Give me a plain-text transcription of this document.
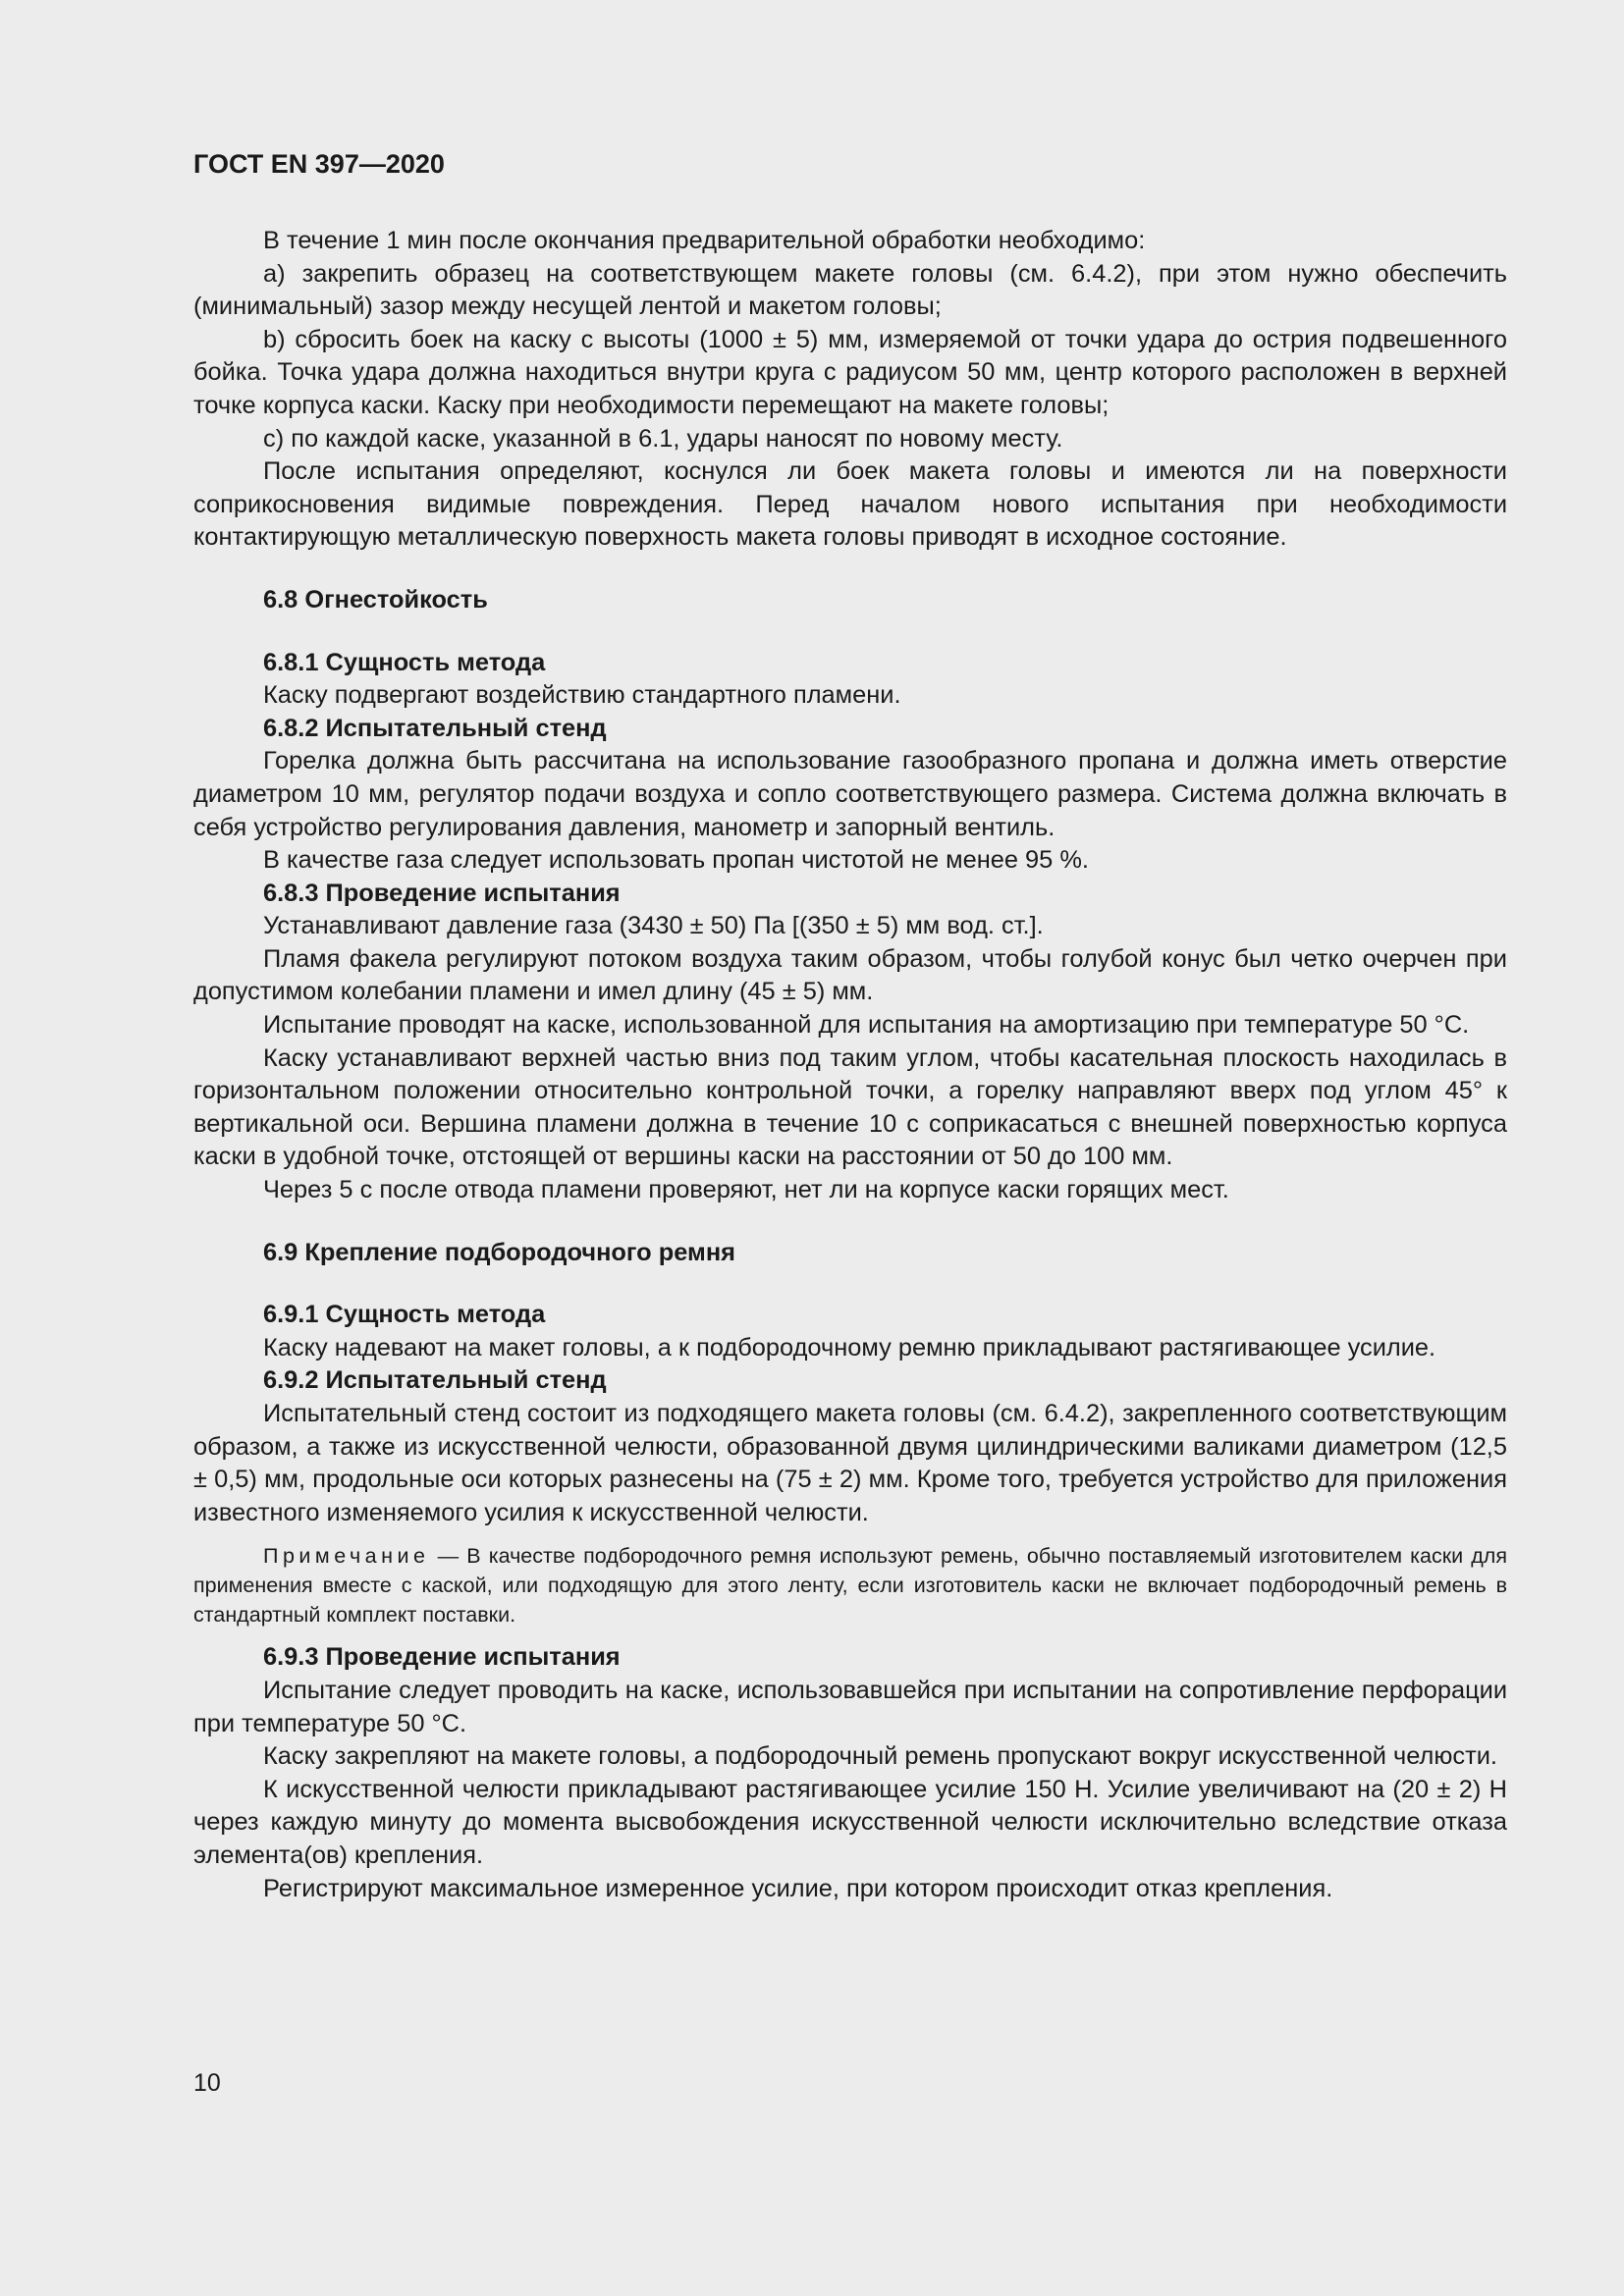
ГОСТ EN 397—2020

В течение 1 мин после окончания предварительной обработки необходимо:

a) закрепить образец на соответствующем макете головы (см. 6.4.2), при этом нужно обеспечить (минимальный) зазор между несущей лентой и макетом головы;

b) сбросить боек на каску с высоты (1000 ± 5) мм, измеряемой от точки удара до острия подвешенного бойка. Точка удара должна находиться внутри круга с радиусом 50 мм, центр которого расположен в верхней точке корпуса каски. Каску при необходимости перемещают на макете головы;

c) по каждой каске, указанной в 6.1, удары наносят по новому месту.

После испытания определяют, коснулся ли боек макета головы и имеются ли на поверхности соприкосновения видимые повреждения. Перед началом нового испытания при необходимости контактирующую металлическую поверхность макета головы приводят в исходное состояние.

6.8 Огнестойкость
6.8.1 Сущность метода

Каску подвергают воздействию стандартного пламени.

6.8.2 Испытательный стенд

Горелка должна быть рассчитана на использование газообразного пропана и должна иметь отверстие диаметром 10 мм, регулятор подачи воздуха и сопло соответствующего размера. Система должна включать в себя устройство регулирования давления, манометр и запорный вентиль.

В качестве газа следует использовать пропан чистотой не менее 95 %.

6.8.3 Проведение испытания

Устанавливают давление газа (3430 ± 50) Па [(350 ± 5) мм вод. ст.].

Пламя факела регулируют потоком воздуха таким образом, чтобы голубой конус был четко очерчен при допустимом колебании пламени и имел длину (45 ± 5) мм.

Испытание проводят на каске, использованной для испытания на амортизацию при температуре 50 °C.

Каску устанавливают верхней частью вниз под таким углом, чтобы касательная плоскость находилась в горизонтальном положении относительно контрольной точки, а горелку направляют вверх под углом 45° к вертикальной оси. Вершина пламени должна в течение 10 с соприкасаться с внешней поверхностью корпуса каски в удобной точке, отстоящей от вершины каски на расстоянии от 50 до 100 мм.

Через 5 с после отвода пламени проверяют, нет ли на корпусе каски горящих мест.

6.9 Крепление подбородочного ремня
6.9.1 Сущность метода

Каску надевают на макет головы, а к подбородочному ремню прикладывают растягивающее усилие.

6.9.2 Испытательный стенд

Испытательный стенд состоит из подходящего макета головы (см. 6.4.2), закрепленного соответствующим образом, а также из искусственной челюсти, образованной двумя цилиндрическими валиками диаметром (12,5 ± 0,5) мм, продольные оси которых разнесены на (75 ± 2) мм. Кроме того, требуется устройство для приложения известного изменяемого усилия к искусственной челюсти.

Примечание — В качестве подбородочного ремня используют ремень, обычно поставляемый изготовителем каски для применения вместе с каской, или подходящую для этого ленту, если изготовитель каски не включает подбородочный ремень в стандартный комплект поставки.

6.9.3 Проведение испытания

Испытание следует проводить на каске, использовавшейся при испытании на сопротивление перфорации при температуре 50 °C.

Каску закрепляют на макете головы, а подбородочный ремень пропускают вокруг искусственной челюсти.

К искусственной челюсти прикладывают растягивающее усилие 150 Н. Усилие увеличивают на (20 ± 2) Н через каждую минуту до момента высвобождения искусственной челюсти исключительно вследствие отказа элемента(ов) крепления.

Регистрируют максимальное измеренное усилие, при котором происходит отказ крепления.

10
